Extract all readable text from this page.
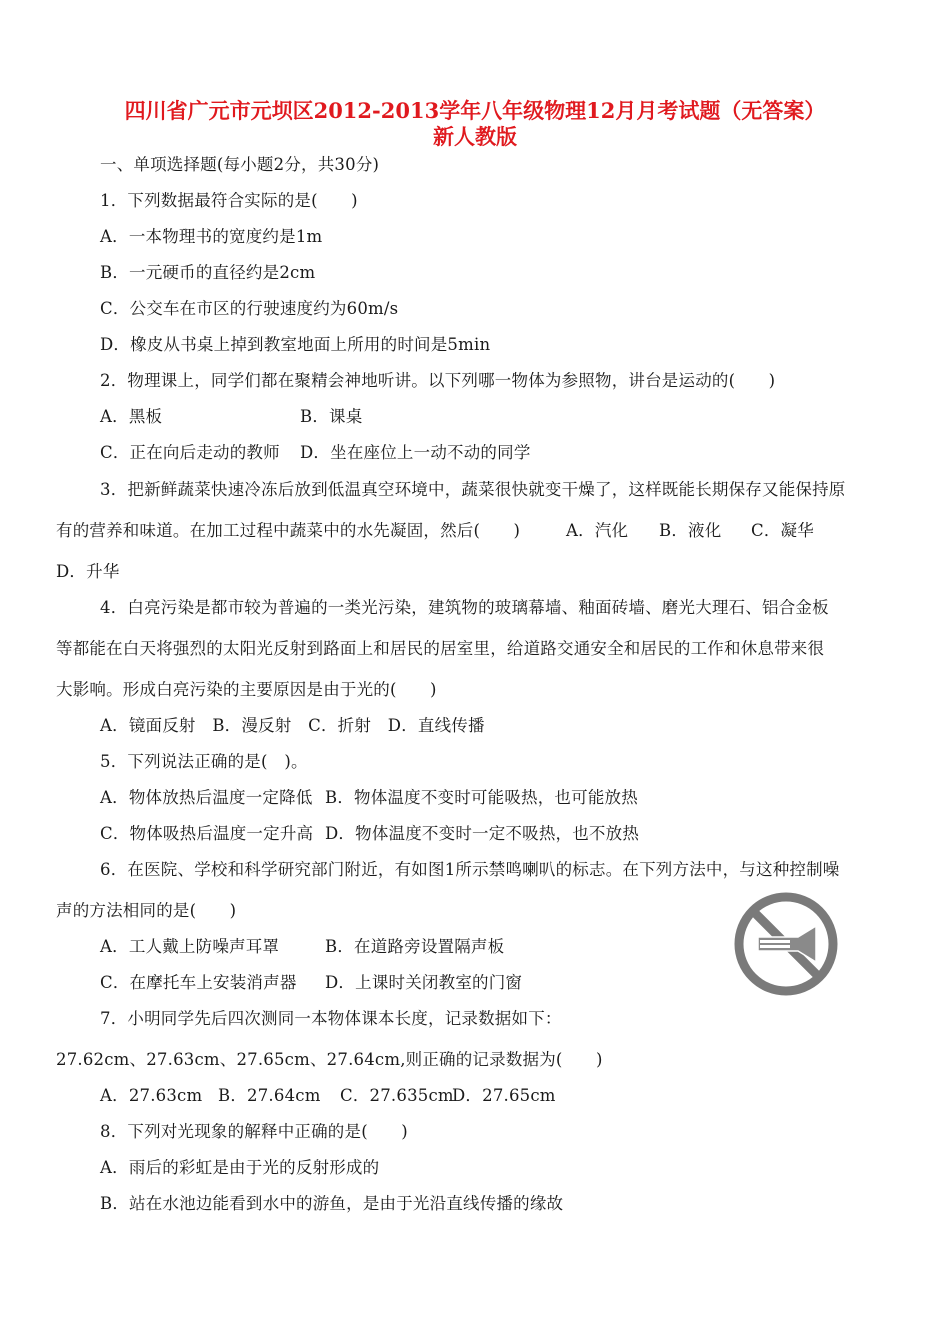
四川省广元市元坝区2012-2013学年八年级物理12月月考试题（无答案）
新人教版
一、单项选择题(每小题2分，共30分)
1．下列数据最符合实际的是(　　)
A．一本物理书的宽度约是1m
B．一元硬币的直径约是2cm
C．公交车在市区的行驶速度约为60m/s
D．橡皮从书桌上掉到教室地面上所用的时间是5min
2．物理课上，同学们都在聚精会神地听讲。以下列哪一物体为参照物，讲台是运动的(　　)
A．黑板	B．课桌
C．正在向后走动的教师 D．坐在座位上一动不动的同学
3．把新鲜蔬菜快速冷冻后放到低温真空环境中，蔬菜很快就变干燥了，这样既能长期保存又能保持原
有的营养和味道。在加工过程中蔬菜中的水先凝固，然后(　　)	A．汽化 B．液化 C．凝华
D．升华
4．白亮污染是都市较为普遍的一类光污染，建筑物的玻璃幕墙、釉面砖墙、磨光大理石、铝合金板
等都能在白天将强烈的太阳光反射到路面上和居民的居室里，给道路交通安全和居民的工作和休息带来很
大影响。形成白亮污染的主要原因是由于光的(　　)
A．镜面反射　B．漫反射　C．折射　D．直线传播
5．下列说法正确的是(　)。
A．物体放热后温度一定降低 B．物体温度不变时可能吸热，也可能放热
C．物体吸热后温度一定升高 D．物体温度不变时一定不吸热，也不放热
6．在医院、学校和科学研究部门附近，有如图1所示禁鸣喇叭的标志。在下列方法中，与这种控制噪
声的方法相同的是(　　)
A．工人戴上防噪声耳罩	B．在道路旁设置隔声板
C．在摩托车上安装消声器 D．上课时关闭教室的门窗
7．小明同学先后四次测同一本物体课本长度，记录数据如下：
27.62cm、27.63cm、27.65cm、27.64cm,则正确的记录数据为(　　)
A．27.63cm B．27.64cm C．27.635cm
D．27.65cm
8．下列对光现象的解释中正确的是(　　)
A．雨后的彩虹是由于光的反射形成的
B．站在水池边能看到水中的游鱼，是由于光沿直线传播的缘故
